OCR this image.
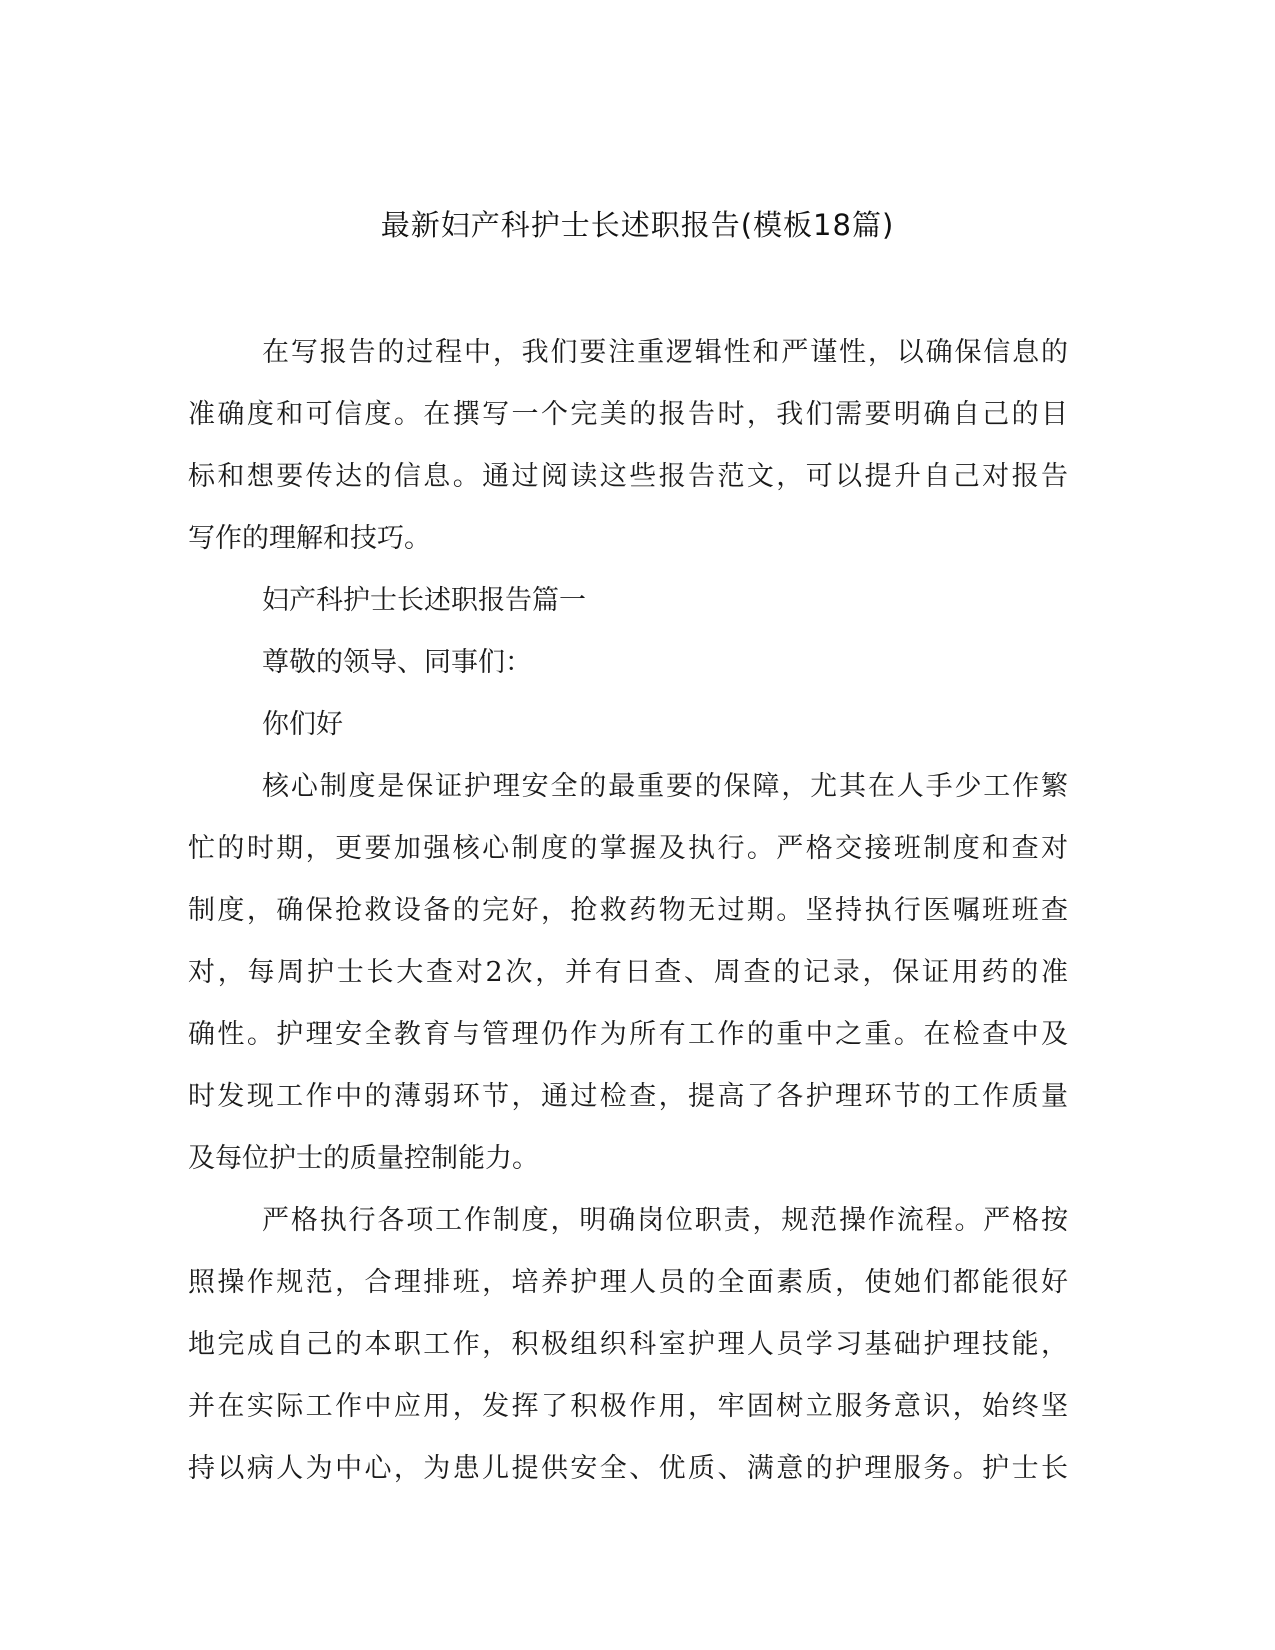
最新妇产科护士长述职报告(模板18篇)
在写报告的过程中，我们要注重逻辑性和严谨性，以确保信息的
准确度和可信度。在撰写一个完美的报告时，我们需要明确自己的目
标和想要传达的信息。通过阅读这些报告范文，可以提升自己对报告
写作的理解和技巧。
妇产科护士长述职报告篇一
尊敬的领导、同事们：
你们好
核心制度是保证护理安全的最重要的保障，尤其在人手少工作繁
忙的时期，更要加强核心制度的掌握及执行。严格交接班制度和查对
制度，确保抢救设备的完好，抢救药物无过期。坚持执行医嘱班班查
对，每周护士长大查对2次，并有日查、周查的记录，保证用药的准
确性。护理安全教育与管理仍作为所有工作的重中之重。在检查中及
时发现工作中的薄弱环节，通过检查，提高了各护理环节的工作质量
及每位护士的质量控制能力。
严格执行各项工作制度，明确岗位职责，规范操作流程。严格按
照操作规范，合理排班，培养护理人员的全面素质，使她们都能很好
地完成自己的本职工作，积极组织科室护理人员学习基础护理技能，
并在实际工作中应用，发挥了积极作用，牢固树立服务意识，始终坚
持以病人为中心，为患儿提供安全、优质、满意的护理服务。护士长
